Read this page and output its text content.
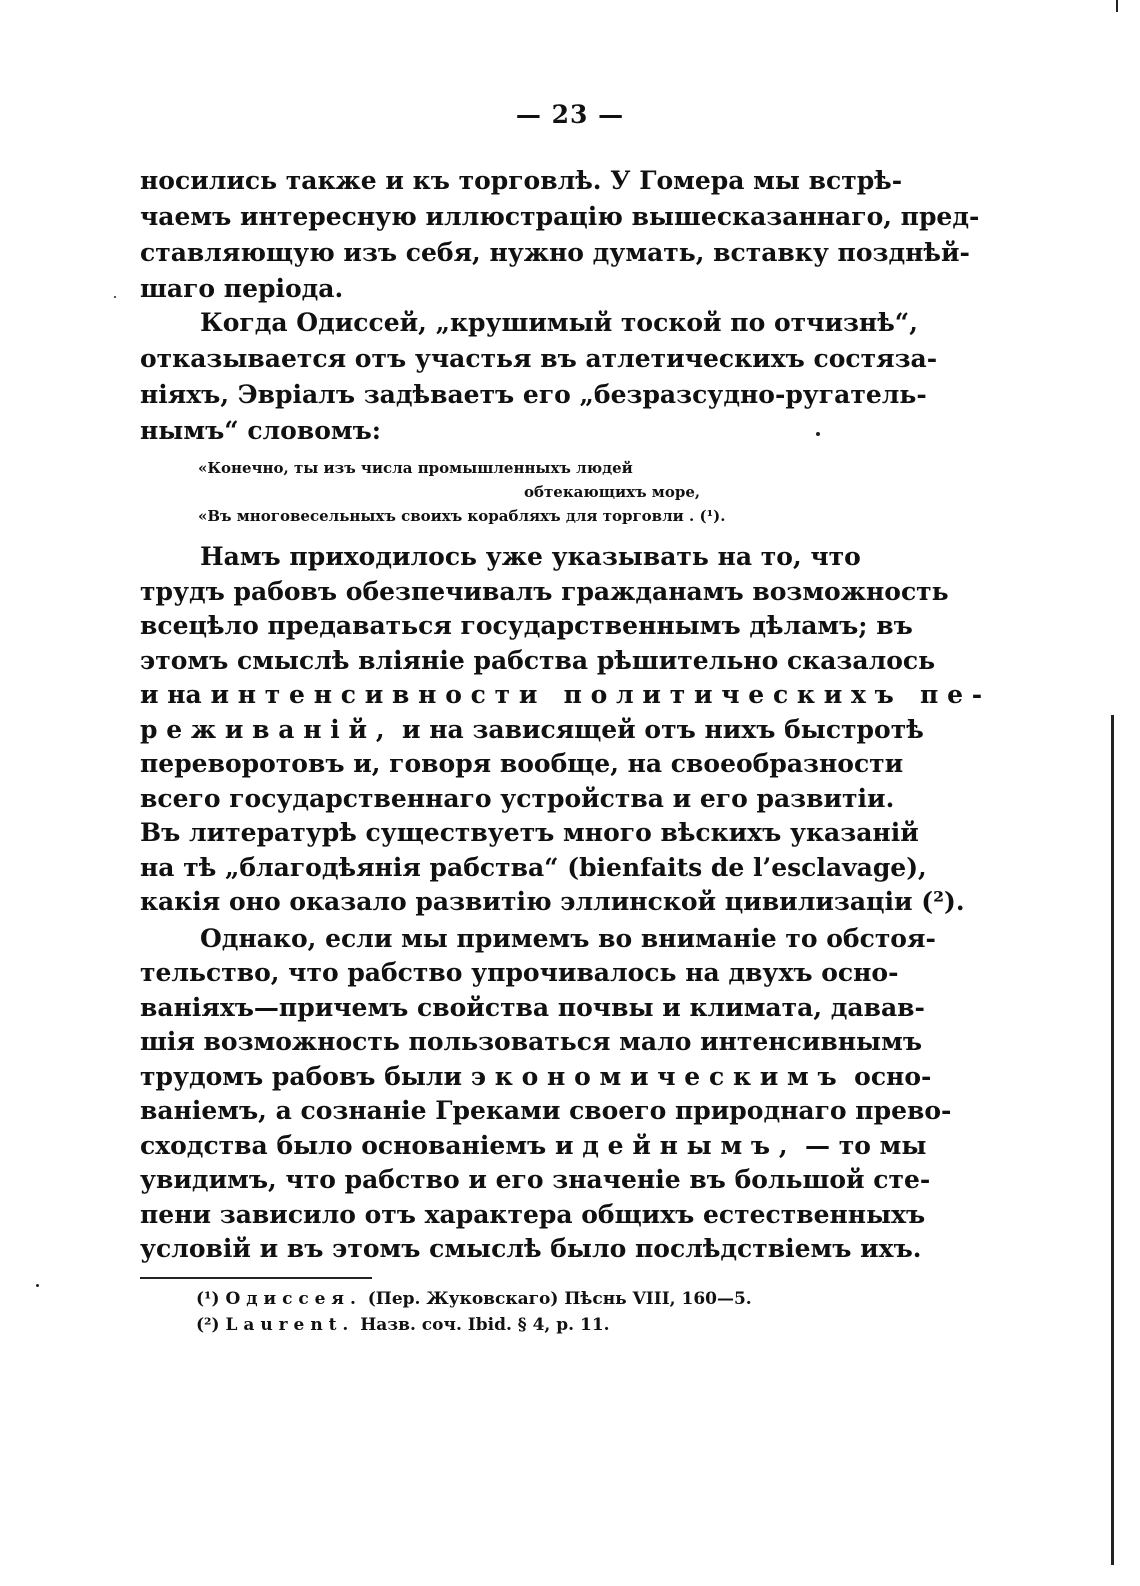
— 23 —
носились также и къ торговлѣ. У Гомера мы встрѣ-
чаемъ интересную иллюстрацію вышесказаннаго, пред-
ставляющую изъ себя, нужно думать, вставку позднѣй-
шаго періода.
Когда Одиссей, „крушимый тоской по отчизнѣ“,
отказывается отъ участья въ атлетическихъ состяза-
ніяхъ, Эвріалъ задѣваетъ его „безразсудно-ругатель-
нымъ“ словомъ:
«Конечно, ты изъ числа промышленныхъ людей
обтекающихъ море,
«Въ многовесельныхъ своихъ корабляхъ для торговли . (¹).
Намъ приходилось уже указывать на то, что
трудъ рабовъ обезпечивалъ гражданамъ возможность
всецѣло предаваться государственнымъ дѣламъ; въ
этомъ смыслѣ вліяніе рабства рѣшительно сказалось
и на интенсивности политическихъ пе-
реживаній, и на зависящей отъ нихъ быстротѣ
переворотовъ и, говоря вообще, на своеобразности
всего государственнаго устройства и его развитіи.
Въ литературѣ существуетъ много вѣскихъ указаній
на тѣ „благодѣянія рабства“ (bienfaits de l’esclavage),
какія оно оказало развитію эллинской цивилизаціи (²).
Однако, если мы примемъ во вниманіе то обстоя-
тельство, что рабство упрочивалось на двухъ осно-
ваніяхъ—причемъ свойства почвы и климата, давав-
шія возможность пользоваться мало интенсивнымъ
трудомъ рабовъ были экономическимъ осно-
ваніемъ, а сознаніе Греками своего природнаго прево-
сходства было основаніемъ идейнымъ, — то мы
увидимъ, что рабство и его значеніе въ большой сте-
пени зависило отъ характера общихъ естественныхъ
условій и въ этомъ смыслѣ было послѣдствіемъ ихъ.
(¹) Одиссея. (Пер. Жуковскаго) Пѣснь VIII, 160—5.
(²) Laurent. Назв. соч. Ibid. § 4, p. 11.
